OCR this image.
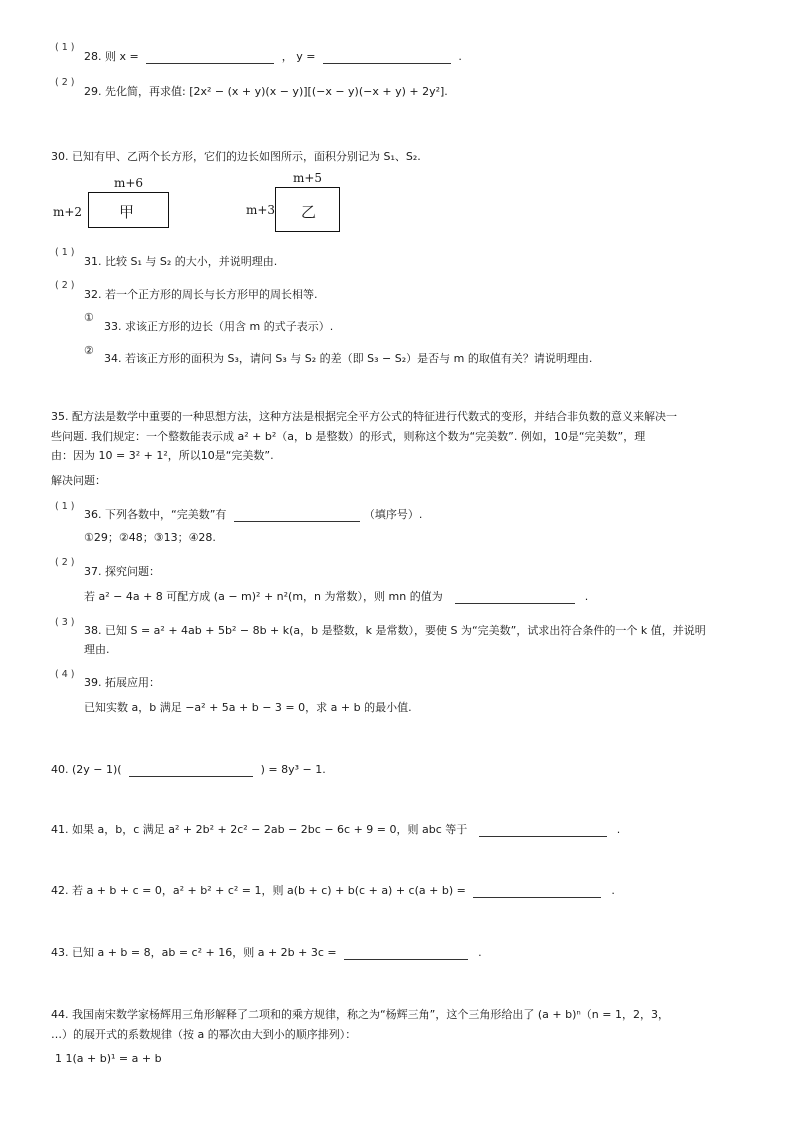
( 1 )
28. 则 x =	， y =	.
( 2 )
29. 先化简，再求值: [2x² − (x + y)(x − y)][(−x − y)(−x + y) + 2y²].
30. 已知有甲、乙两个长方形，它们的边长如图所示，面积分别记为 S₁、S₂.
m+6
m+2 甲
m+5
m+3 乙
( 1 )
31. 比较 S₁ 与 S₂ 的大小，并说明理由.
( 2 )
32. 若一个正方形的周长与长方形甲的周长相等.
①
33. 求该正方形的边长（用含 m 的式子表示）.
②
34. 若该正方形的面积为 S₃，请问 S₃ 与 S₂ 的差（即 S₃ − S₂）是否与 m 的取值有关？请说明理由.
35. 配方法是数学中重要的一种思想方法，这种方法是根据完全平方公式的特征进行代数式的变形，并结合非负数的意义来解决一
些问题. 我们规定：一个整数能表示成 a² + b²（a，b 是整数）的形式，则称这个数为“完美数”. 例如，10是“完美数”，理
由：因为 10 = 3² + 1²，所以10是“完美数”.
解决问题：
( 1 )
36. 下列各数中，“完美数”有	（填序号）.
①29；②48；③13；④28.
( 2 )
37. 探究问题：
若 a² − 4a + 8 可配方成 (a − m)² + n²(m，n 为常数），则 mn 的值为	.
( 3 )
38. 已知 S = a² + 4ab + 5b² − 8b + k(a，b 是整数，k 是常数），要使 S 为“完美数”，试求出符合条件的一个 k 值，并说明
理由.
( 4 )
39. 拓展应用：
已知实数 a，b 满足 −a² + 5a + b − 3 = 0，求 a + b 的最小值.
40. (2y − 1)(	) = 8y³ − 1.
41. 如果 a，b，c 满足 a² + 2b² + 2c² − 2ab − 2bc − 6c + 9 = 0，则 abc 等于	.
42. 若 a + b + c = 0，a² + b² + c² = 1，则 a(b + c) + b(c + a) + c(a + b) =	.
43. 已知 a + b = 8，ab = c² + 16，则 a + 2b + 3c =	.
44. 我国南宋数学家杨辉用三角形解释了二项和的乘方规律，称之为“杨辉三角”，这个三角形给出了 (a + b)ⁿ（n = 1，2，3，
…）的展开式的系数规律（按 a 的幂次由大到小的顺序排列）：
1 1(a + b)¹ = a + b
